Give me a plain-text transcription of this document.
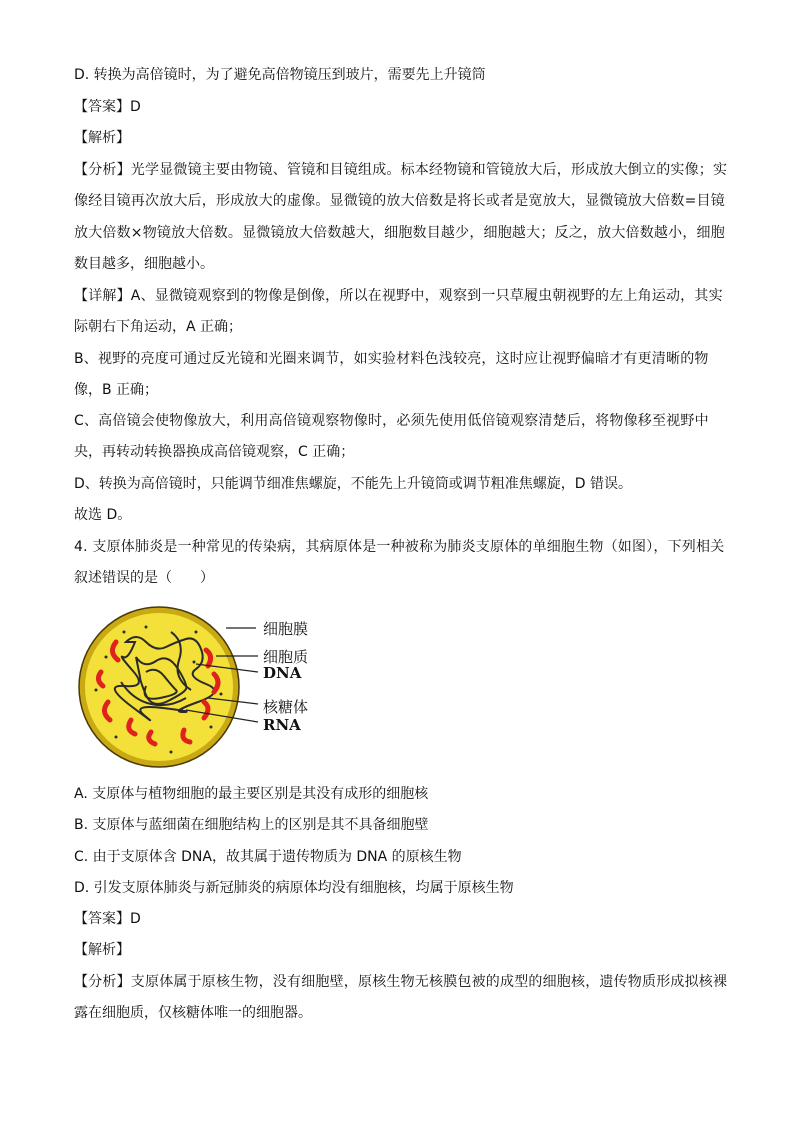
D. 转换为高倍镜时，为了避免高倍物镜压到玻片，需要先上升镜筒
【答案】D
【解析】
【分析】光学显微镜主要由物镜、管镜和目镜组成。标本经物镜和管镜放大后，形成放大倒立的实像；实
像经目镜再次放大后，形成放大的虚像。显微镜的放大倍数是将长或者是宽放大，显微镜放大倍数=目镜
放大倍数×物镜放大倍数。显微镜放大倍数越大，细胞数目越少，细胞越大；反之，放大倍数越小，细胞
数目越多，细胞越小。
【详解】A、显微镜观察到的物像是倒像，所以在视野中，观察到一只草履虫朝视野的左上角运动，其实
际朝右下角运动，A 正确；
B、视野的亮度可通过反光镜和光圈来调节，如实验材料色浅较亮，这时应让视野偏暗才有更清晰的物
像，B 正确；
C、高倍镜会使物像放大，利用高倍镜观察物像时，必须先使用低倍镜观察清楚后，将物像移至视野中
央，再转动转换器换成高倍镜观察，C 正确；
D、转换为高倍镜时，只能调节细准焦螺旋，不能先上升镜筒或调节粗准焦螺旋，D 错误。
故选 D。
4. 支原体肺炎是一种常见的传染病，其病原体是一种被称为肺炎支原体的单细胞生物（如图），下列相关
叙述错误的是（　　）
细胞膜
细胞质
DNA
核糖体
RNA
A. 支原体与植物细胞的最主要区别是其没有成形的细胞核
B. 支原体与蓝细菌在细胞结构上的区别是其不具备细胞壁
C. 由于支原体含 DNA，故其属于遗传物质为 DNA 的原核生物
D. 引发支原体肺炎与新冠肺炎的病原体均没有细胞核，均属于原核生物
【答案】D
【解析】
【分析】支原体属于原核生物，没有细胞壁，原核生物无核膜包被的成型的细胞核，遗传物质形成拟核裸
露在细胞质，仅核糖体唯一的细胞器。
